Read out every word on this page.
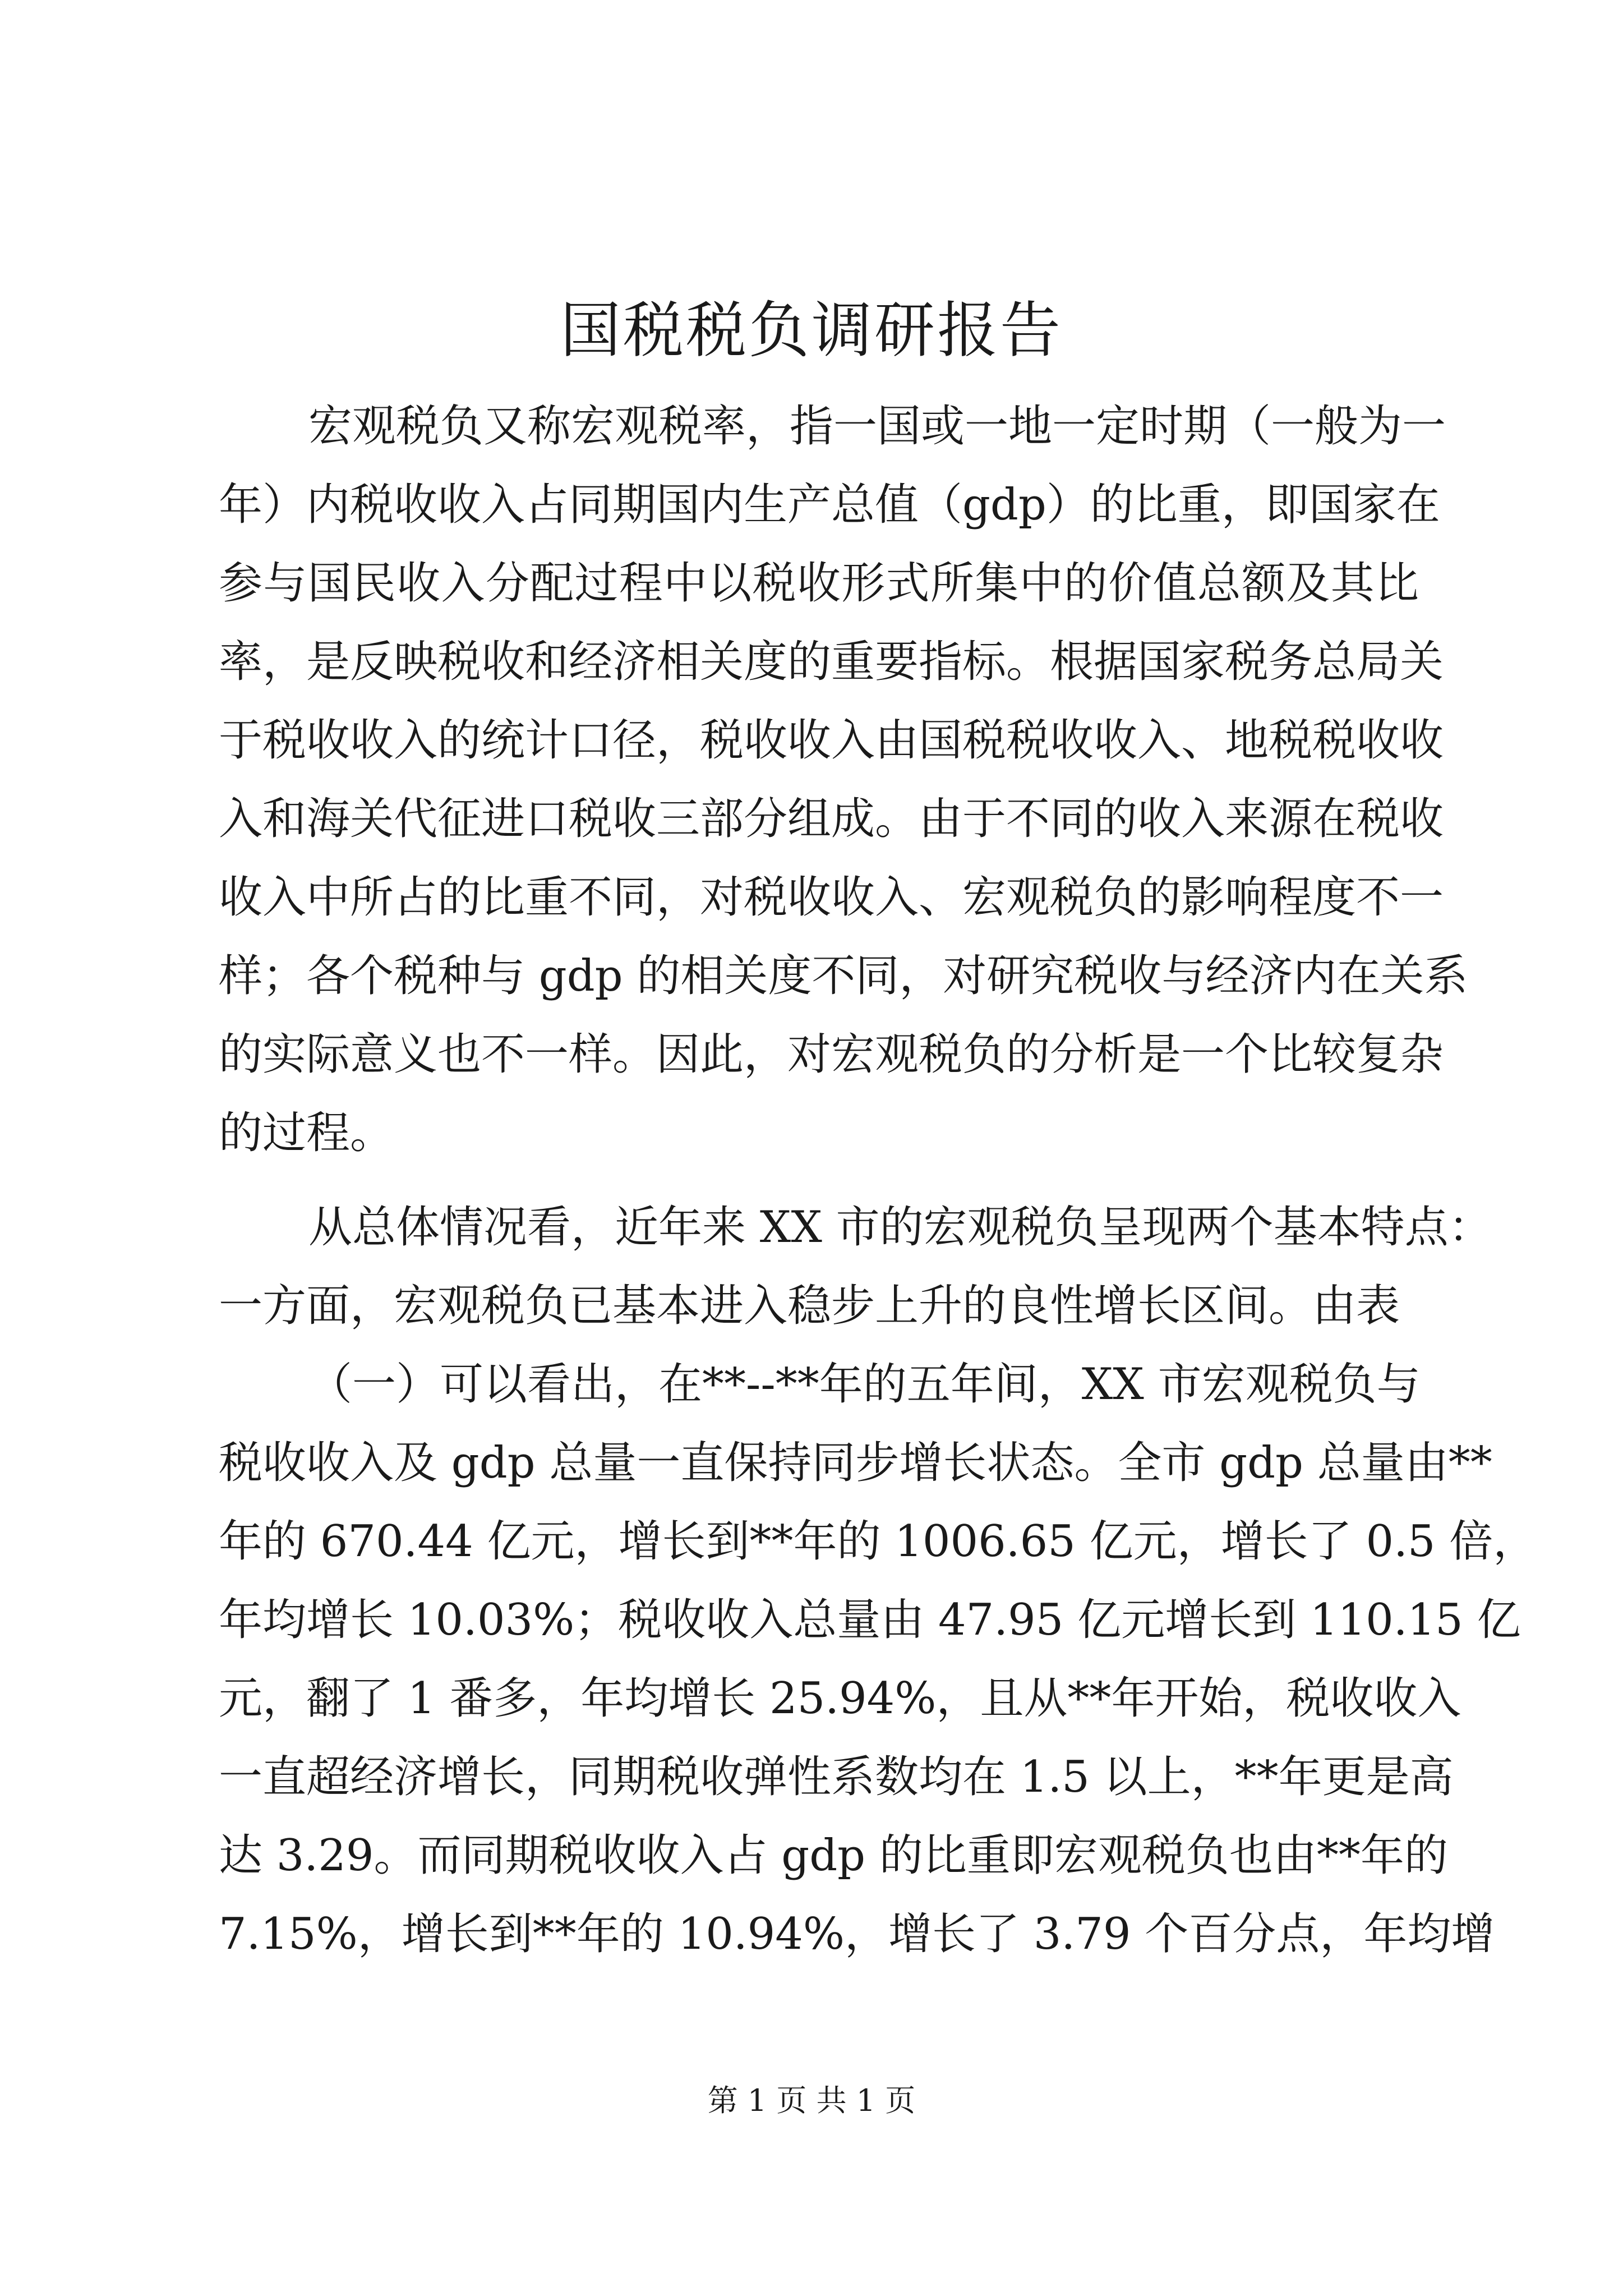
国税税负调研报告
宏观税负又称宏观税率，指一国或一地一定时期（一般为一
年）内税收收入占同期国内生产总值（gdp）的比重，即国家在
参与国民收入分配过程中以税收形式所集中的价值总额及其比
率，是反映税收和经济相关度的重要指标。根据国家税务总局关
于税收收入的统计口径，税收收入由国税税收收入、地税税收收
入和海关代征进口税收三部分组成。由于不同的收入来源在税收
收入中所占的比重不同，对税收收入、宏观税负的影响程度不一
样；各个税种与 gdp 的相关度不同，对研究税收与经济内在关系
的实际意义也不一样。因此，对宏观税负的分析是一个比较复杂
的过程。
从总体情况看，近年来 XX 市的宏观税负呈现两个基本特点：
一方面，宏观税负已基本进入稳步上升的良性增长区间。由表
（一）可以看出，在**--**年的五年间，XX 市宏观税负与
税收收入及 gdp 总量一直保持同步增长状态。全市 gdp 总量由**
年的 670.44 亿元，增长到**年的 1006.65 亿元，增长了 0.5 倍，
年均增长 10.03%；税收收入总量由 47.95 亿元增长到 110.15 亿
元，翻了 1 番多，年均增长 25.94%，且从**年开始，税收收入
一直超经济增长，同期税收弹性系数均在 1.5 以上，**年更是高
达 3.29。而同期税收收入占 gdp 的比重即宏观税负也由**年的
7.15%，增长到**年的 10.94%，增长了 3.79 个百分点，年均增
第 1 页 共 1 页
